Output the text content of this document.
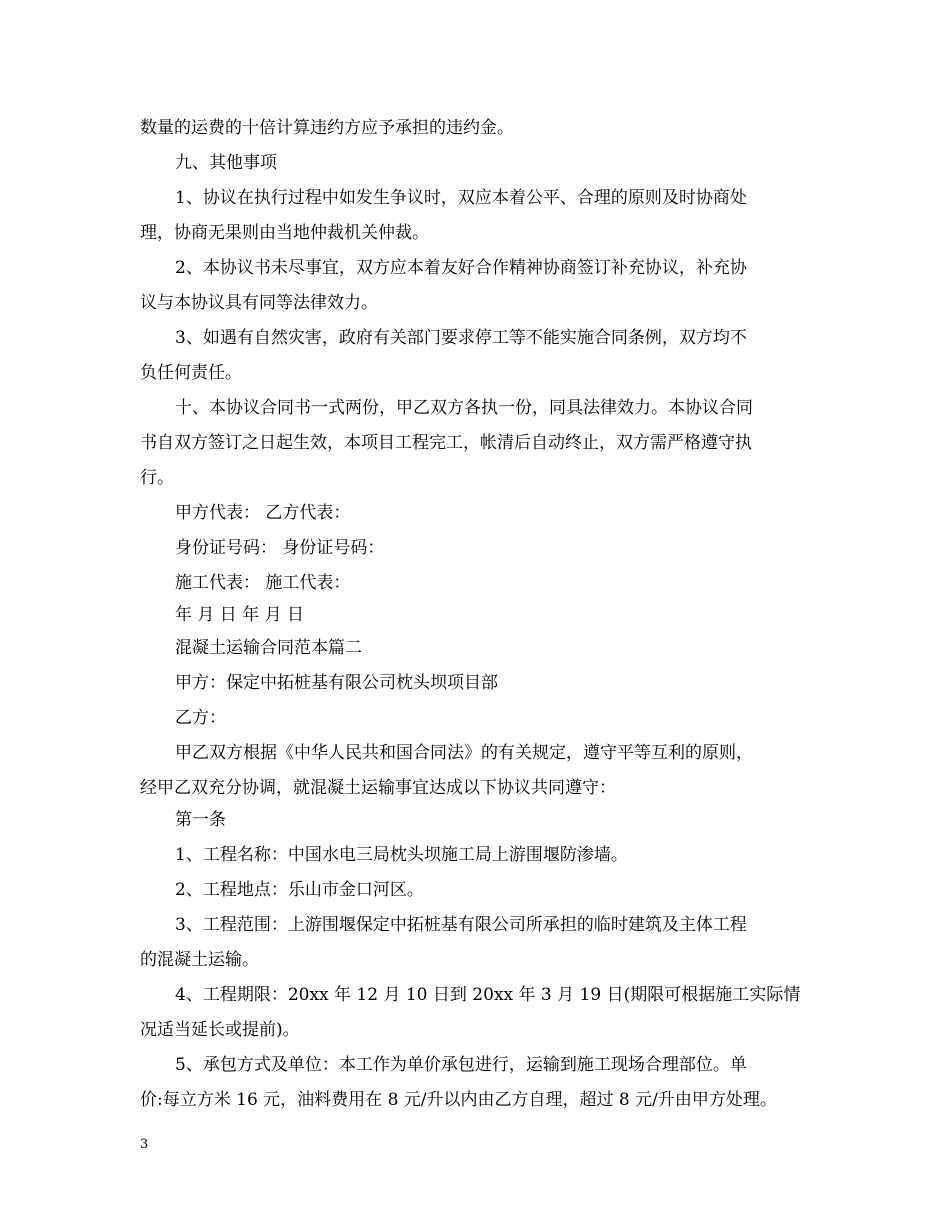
数量的运费的十倍计算违约方应予承担的违约金。
九、其他事项
1、协议在执行过程中如发生争议时，双应本着公平、合理的原则及时协商处
理，协商无果则由当地仲裁机关仲裁。
2、本协议书未尽事宜，双方应本着友好合作精神协商签订补充协议，补充协
议与本协议具有同等法律效力。
3、如遇有自然灾害，政府有关部门要求停工等不能实施合同条例，双方均不
负任何责任。
十、本协议合同书一式两份，甲乙双方各执一份，同具法律效力。本协议合同
书自双方签订之日起生效，本项目工程完工，帐清后自动终止，双方需严格遵守执
行。
甲方代表： 乙方代表：
身份证号码： 身份证号码：
施工代表： 施工代表：
年 月 日 年 月 日
混凝土运输合同范本篇二
甲方：保定中拓桩基有限公司枕头坝项目部
乙方：
甲乙双方根据《中华人民共和国合同法》的有关规定，遵守平等互利的原则，
经甲乙双充分协调，就混凝土运输事宜达成以下协议共同遵守：
第一条
1、工程名称：中国水电三局枕头坝施工局上游围堰防渗墙。
2、工程地点：乐山市金口河区。
3、工程范围：上游围堰保定中拓桩基有限公司所承担的临时建筑及主体工程
的混凝土运输。
4、工程期限：20xx 年 12 月 10 日到 20xx 年 3 月 19 日(期限可根据施工实际情
况适当延长或提前)。
5、承包方式及单位：本工作为单价承包进行，运输到施工现场合理部位。单
价:每立方米 16 元，油料费用在 8 元/升以内由乙方自理，超过 8 元/升由甲方处理。
3
